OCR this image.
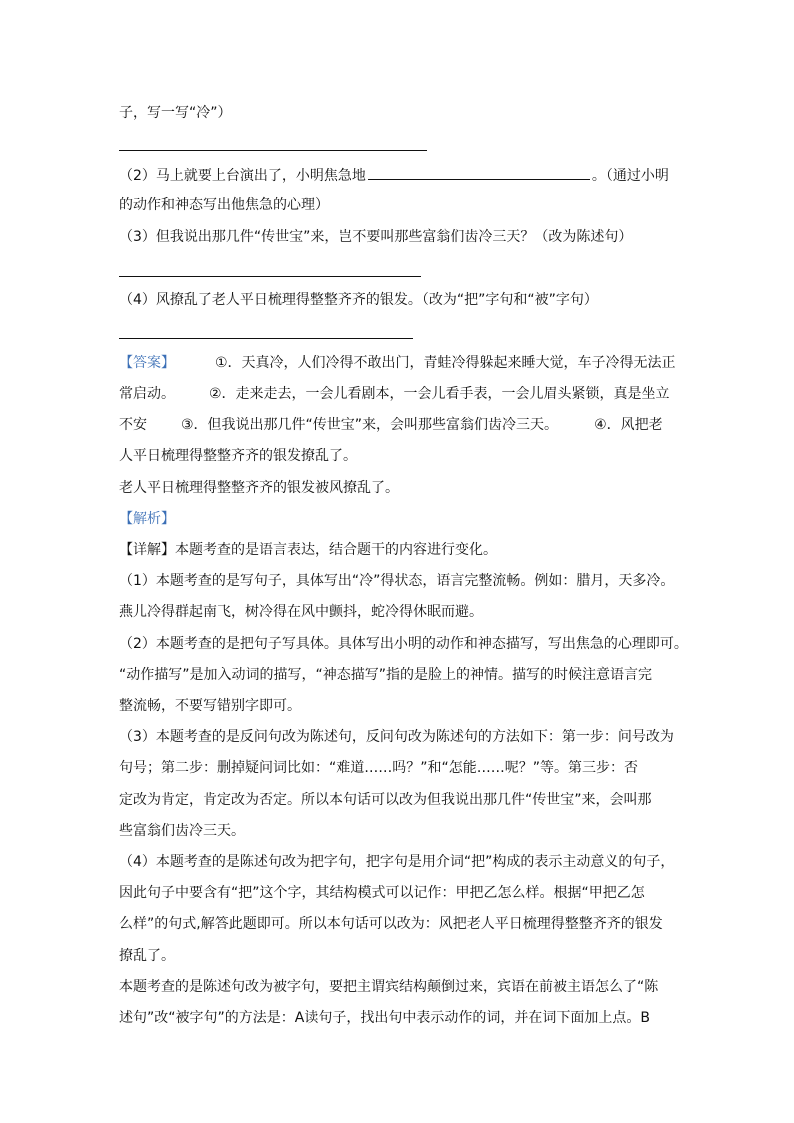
子，写一写“冷”）
（2）马上就要上台演出了，小明焦急地	。（通过小明
的动作和神态写出他焦急的心理）
（3）但我说出那几件“传世宝”来，岂不要叫那些富翁们齿冷三天？（改为陈述句）
（4）风撩乱了老人平日梳理得整整齐齐的银发。（改为“把”字句和“被”字句）
【答案】	①．天真冷，人们冷得不敢出门，青蛙冷得躲起来睡大觉，车子冷得无法正
常启动。 ②．走来走去，一会儿看剧本，一会儿看手表，一会儿眉头紧锁，真是坐立
不安 ③．但我说出那几件“传世宝”来，会叫那些富翁们齿冷三天。	④．风把老
人平日梳理得整整齐齐的银发撩乱了。
老人平日梳理得整整齐齐的银发被风撩乱了。
【解析】
【详解】本题考查的是语言表达，结合题干的内容进行变化。
（1）本题考查的是写句子，具体写出“冷”得状态，语言完整流畅。例如：腊月，天多冷。
燕儿冷得群起南飞，树冷得在风中颤抖，蛇冷得休眠而避。
（2）本题考查的是把句子写具体。具体写出小明的动作和神态描写，写出焦急的心理即可。
“动作描写”是加入动词的描写，“神态描写”指的是脸上的神情。描写的时候注意语言完
整流畅，不要写错别字即可。
（3）本题考查的是反问句改为陈述句，反问句改为陈述句的方法如下：第一步：问号改为
句号；第二步：删掉疑问词比如：“难道……吗？”和“怎能……呢？”等。第三步：否
定改为肯定，肯定改为否定。所以本句话可以改为但我说出那几件“传世宝”来，会叫那
些富翁们齿冷三天。
（4）本题考查的是陈述句改为把字句，把字句是用介词“把”构成的表示主动意义的句子，
因此句子中要含有“把”这个字，其结构模式可以记作：甲把乙怎么样。根据“甲把乙怎
么样”的句式,解答此题即可。所以本句话可以改为：风把老人平日梳理得整整齐齐的银发
撩乱了。
本题考查的是陈述句改为被字句，要把主谓宾结构颠倒过来，宾语在前被主语怎么了“陈
述句”改“被字句”的方法是：A读句子，找出句中表示动作的词，并在词下面加上点。B
